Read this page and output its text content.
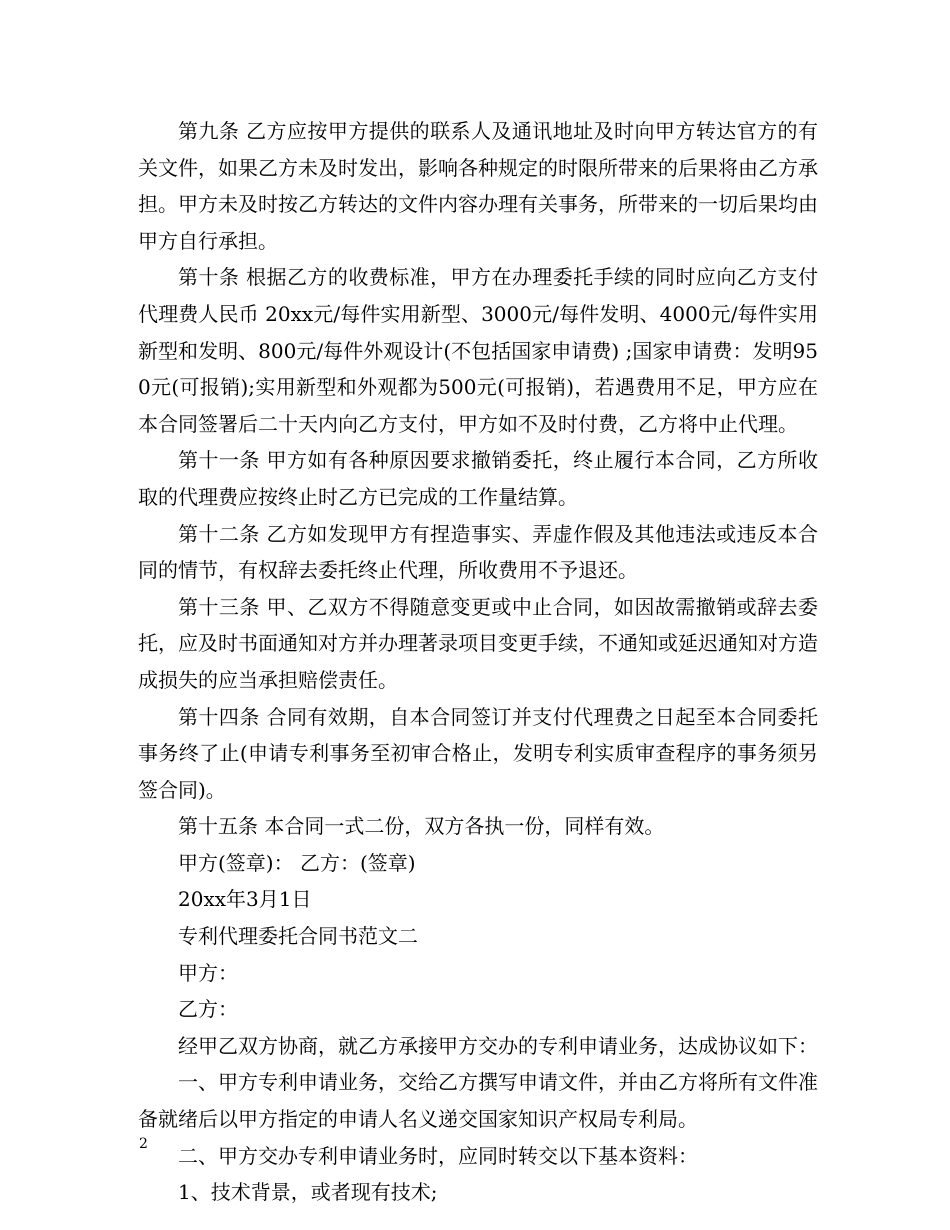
第九条 乙方应按甲方提供的联系人及通讯地址及时向甲方转达官方的有关文件，如果乙方未及时发出，影响各种规定的时限所带来的后果将由乙方承担。甲方未及时按乙方转达的文件内容办理有关事务，所带来的一切后果均由甲方自行承担。

第十条 根据乙方的收费标准，甲方在办理委托手续的同时应向乙方支付代理费人民币 20xx元/每件实用新型、3000元/每件发明、4000元/每件实用新型和发明、800元/每件外观设计(不包括国家申请费) ;国家申请费：发明950元(可报销);实用新型和外观都为500元(可报销)，若遇费用不足，甲方应在本合同签署后二十天内向乙方支付，甲方如不及时付费，乙方将中止代理。

第十一条 甲方如有各种原因要求撤销委托，终止履行本合同，乙方所收取的代理费应按终止时乙方已完成的工作量结算。

第十二条 乙方如发现甲方有捏造事实、弄虚作假及其他违法或违反本合同的情节，有权辞去委托终止代理，所收费用不予退还。

第十三条 甲、乙双方不得随意变更或中止合同，如因故需撤销或辞去委托，应及时书面通知对方并办理著录项目变更手续，不通知或延迟通知对方造成损失的应当承担赔偿责任。

第十四条 合同有效期，自本合同签订并支付代理费之日起至本合同委托事务终了止(申请专利事务至初审合格止，发明专利实质审查程序的事务须另签合同)。

第十五条 本合同一式二份，双方各执一份，同样有效。

甲方(签章)： 乙方：(签章)

20xx年3月1日

专利代理委托合同书范文二

甲方：

乙方：

经甲乙双方协商，就乙方承接甲方交办的专利申请业务，达成协议如下：

一、甲方专利申请业务，交给乙方撰写申请文件，并由乙方将所有文件准备就绪后以甲方指定的申请人名义递交国家知识产权局专利局。

二、甲方交办专利申请业务时，应同时转交以下基本资料：

1、技术背景，或者现有技术;

2
